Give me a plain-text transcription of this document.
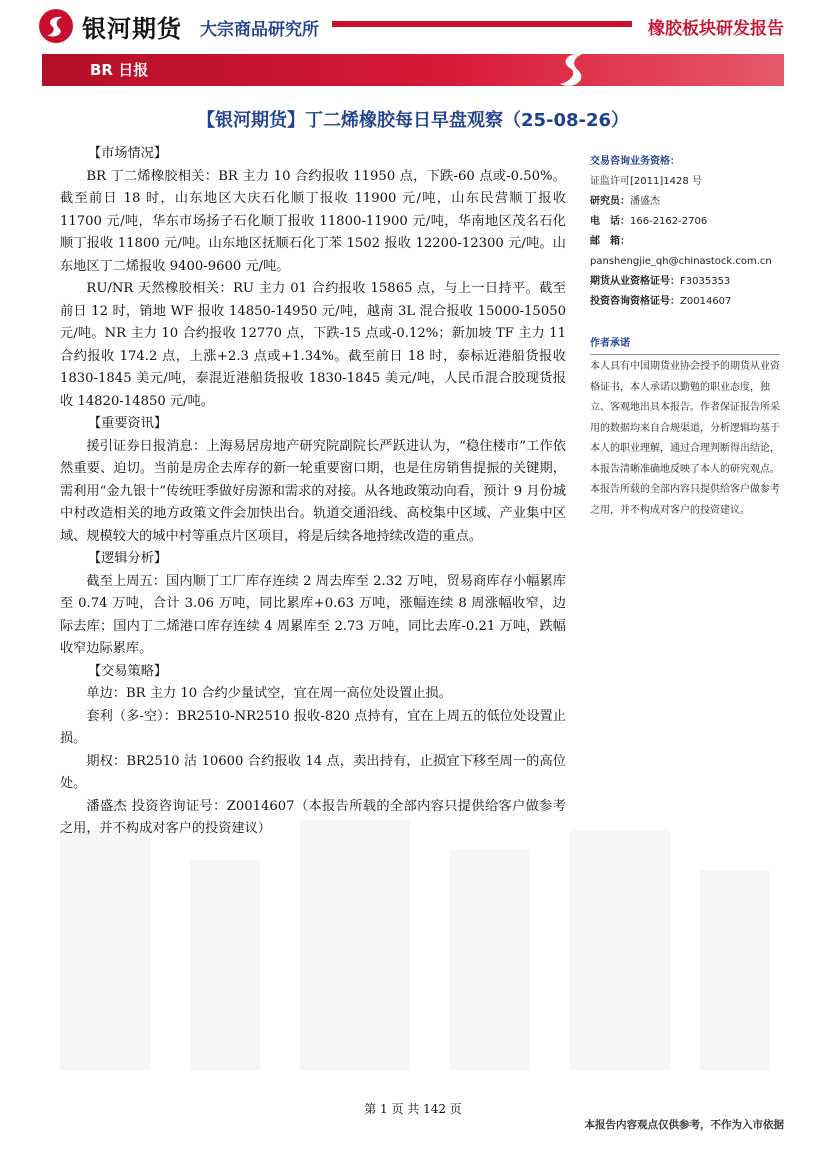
银河期货 大宗商品研究所	橡胶板块研发报告
BR 日报
【银河期货】丁二烯橡胶每日早盘观察（25-08-26）

【市场情况】

BR 丁二烯橡胶相关：BR 主力 10 合约报收 11950 点，下跌-60 点或-0.50%。截至前日 18 时，山东地区大庆石化顺丁报收 11900 元/吨，山东民营顺丁报收 11700 元/吨，华东市场扬子石化顺丁报收 11800-11900 元/吨，华南地区茂名石化顺丁报收 11800 元/吨。山东地区抚顺石化丁苯 1502 报收 12200-12300 元/吨。山东地区丁二烯报收 9400-9600 元/吨。

RU/NR 天然橡胶相关：RU 主力 01 合约报收 15865 点，与上一日持平。截至前日 12 时，销地 WF 报收 14850-14950 元/吨，越南 3L 混合报收 15000-15050 元/吨。NR 主力 10 合约报收 12770 点，下跌-15 点或-0.12%；新加坡 TF 主力 11 合约报收 174.2 点，上涨+2.3 点或+1.34%。截至前日 18 时，泰标近港船货报收 1830-1845 美元/吨，泰混近港船货报收 1830-1845 美元/吨，人民币混合胶现货报收 14820-14850 元/吨。

【重要资讯】

援引证券日报消息：上海易居房地产研究院副院长严跃进认为，“稳住楼市”工作依然重要、迫切。当前是房企去库存的新一轮重要窗口期，也是住房销售提振的关键期，需利用“金九银十”传统旺季做好房源和需求的对接。从各地政策动向看，预计 9 月份城中村改造相关的地方政策文件会加快出台。轨道交通沿线、高校集中区域、产业集中区域、规模较大的城中村等重点片区项目，将是后续各地持续改造的重点。

【逻辑分析】

截至上周五：国内顺丁工厂库存连续 2 周去库至 2.32 万吨，贸易商库存小幅累库至 0.74 万吨，合计 3.06 万吨，同比累库+0.63 万吨，涨幅连续 8 周涨幅收窄，边际去库；国内丁二烯港口库存连续 4 周累库至 2.73 万吨，同比去库-0.21 万吨，跌幅收窄边际累库。

【交易策略】

单边：BR 主力 10 合约少量试空，宜在周一高位处设置止损。

套利（多-空）：BR2510-NR2510 报收-820 点持有，宜在上周五的低位处设置止损。

期权：BR2510 沽 10600 合约报收 14 点，卖出持有，止损宜下移至周一的高位处。

潘盛杰 投资咨询证号：Z0014607（本报告所载的全部内容只提供给客户做参考之用，并不构成对客户的投资建议）

交易咨询业务资格：
证监许可[2011]1428 号
研究员：潘盛杰
电　话：166-2162-2706
邮　箱：
panshengjie_qh@chinastock.com.cn
期货从业资格证号：F3035353
投资咨询资格证号：Z0014607
作者承诺
本人具有中国期货业协会授予的期货从业资格证书，本人承诺以勤勉的职业态度，独立、客观地出具本报告。作者保证报告所采用的数据均来自合规渠道，分析逻辑均基于本人的职业理解，通过合理判断得出结论，本报告清晰准确地反映了本人的研究观点。本报告所载的全部内容只提供给客户做参考之用，并不构成对客户的投资建议。
第 1 页 共 142 页
本报告内容观点仅供参考，不作为入市依据
